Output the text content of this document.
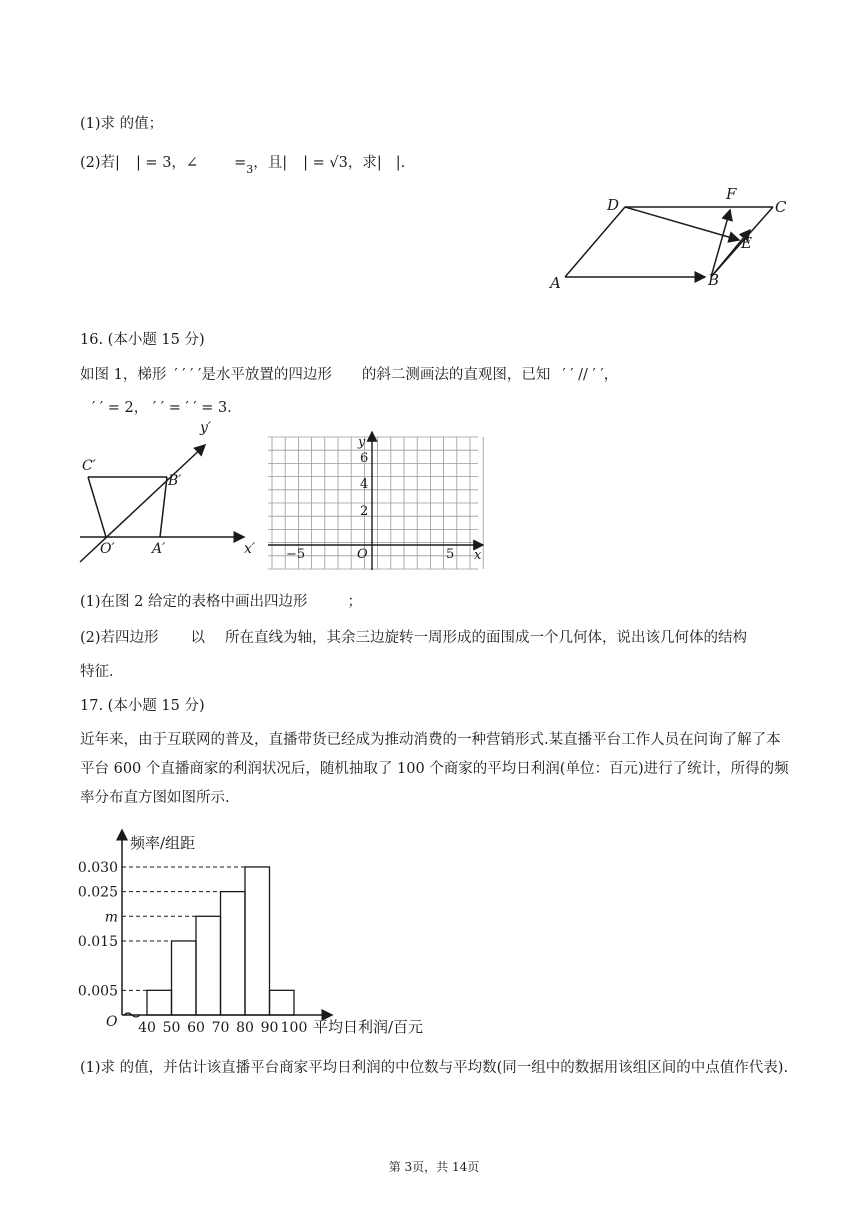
(1)求 的值；
(2)若| | = 3，∠ $=_3$，且| | = √3，求| |.
A	B
C
D
E
F
16. (本小题 15 分)
如图 1，梯形 ′ ′ ′ ′是水平放置的四边形 的斜二测画法的直观图，已知 ′ ′ // ′ ′，
′ ′ = 2， ′ ′ = ′ ′ = 3．
C′
B′
O′	A′	x′
y′
y
x
O
6
4
2
−5	5
(1)在图 2 给定的表格中画出四边形	；
(2)若四边形 以 所在直线为轴，其余三边旋转一周形成的面围成一个几何体，说出该几何体的结构
特征．
17. (本小题 15 分)
近年来，由于互联网的普及，直播带货已经成为推动消费的一种营销形式.某直播平台工作人员在问询了解了本平台 600 个直播商家的利润状况后，随机抽取了 100 个商家的平均日利润(单位：百元)进行了统计，所得的频率分布直方图如图所示.
0.030
0.025
m
0.015
0.005
40 50 60 70 80 90 100
频率/组距
平均日利润/百元
O
(1)求 的值，并估计该直播平台商家平均日利润的中位数与平均数(同一组中的数据用该组区间的中点值作代表).
第 3页，共 14页
